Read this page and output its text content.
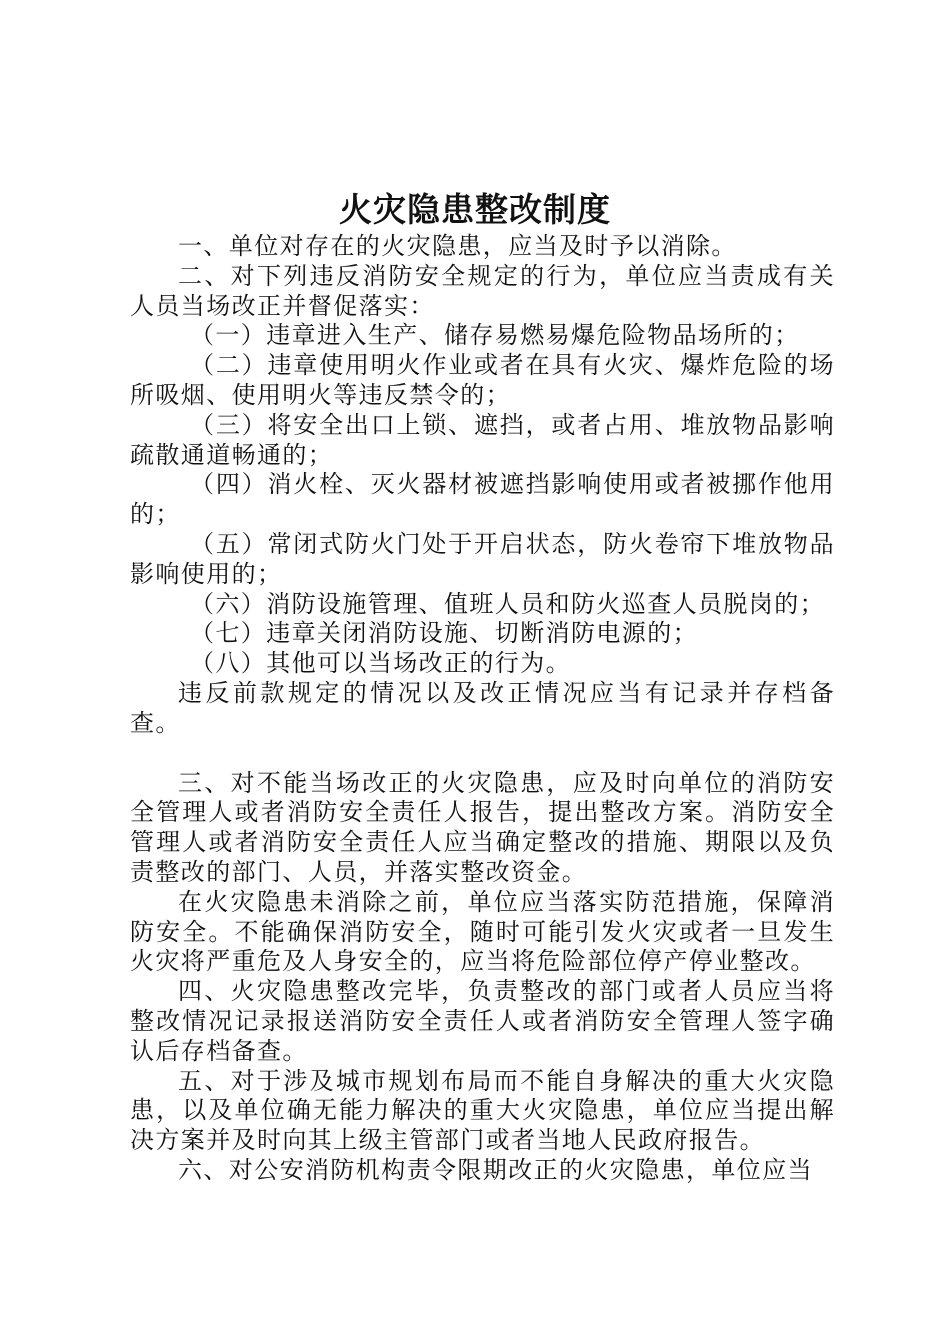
火灾隐患整改制度

一、单位对存在的火灾隐患，应当及时予以消除。

二、对下列违反消防安全规定的行为，单位应当责成有关人员当场改正并督促落实：

（一）违章进入生产、储存易燃易爆危险物品场所的；

（二）违章使用明火作业或者在具有火灾、爆炸危险的场所吸烟、使用明火等违反禁令的；

（三）将安全出口上锁、遮挡，或者占用、堆放物品影响疏散通道畅通的；

（四）消火栓、灭火器材被遮挡影响使用或者被挪作他用的；

（五）常闭式防火门处于开启状态，防火卷帘下堆放物品影响使用的；

（六）消防设施管理、值班人员和防火巡查人员脱岗的；

（七）违章关闭消防设施、切断消防电源的；

（八）其他可以当场改正的行为。

违反前款规定的情况以及改正情况应当有记录并存档备查。

三、对不能当场改正的火灾隐患，应及时向单位的消防安全管理人或者消防安全责任人报告，提出整改方案。消防安全管理人或者消防安全责任人应当确定整改的措施、期限以及负责整改的部门、人员，并落实整改资金。

在火灾隐患未消除之前，单位应当落实防范措施，保障消防安全。不能确保消防安全，随时可能引发火灾或者一旦发生火灾将严重危及人身安全的，应当将危险部位停产停业整改。

四、火灾隐患整改完毕，负责整改的部门或者人员应当将整改情况记录报送消防安全责任人或者消防安全管理人签字确认后存档备查。

五、对于涉及城市规划布局而不能自身解决的重大火灾隐患，以及单位确无能力解决的重大火灾隐患，单位应当提出解决方案并及时向其上级主管部门或者当地人民政府报告。

六、对公安消防机构责令限期改正的火灾隐患，单位应当
